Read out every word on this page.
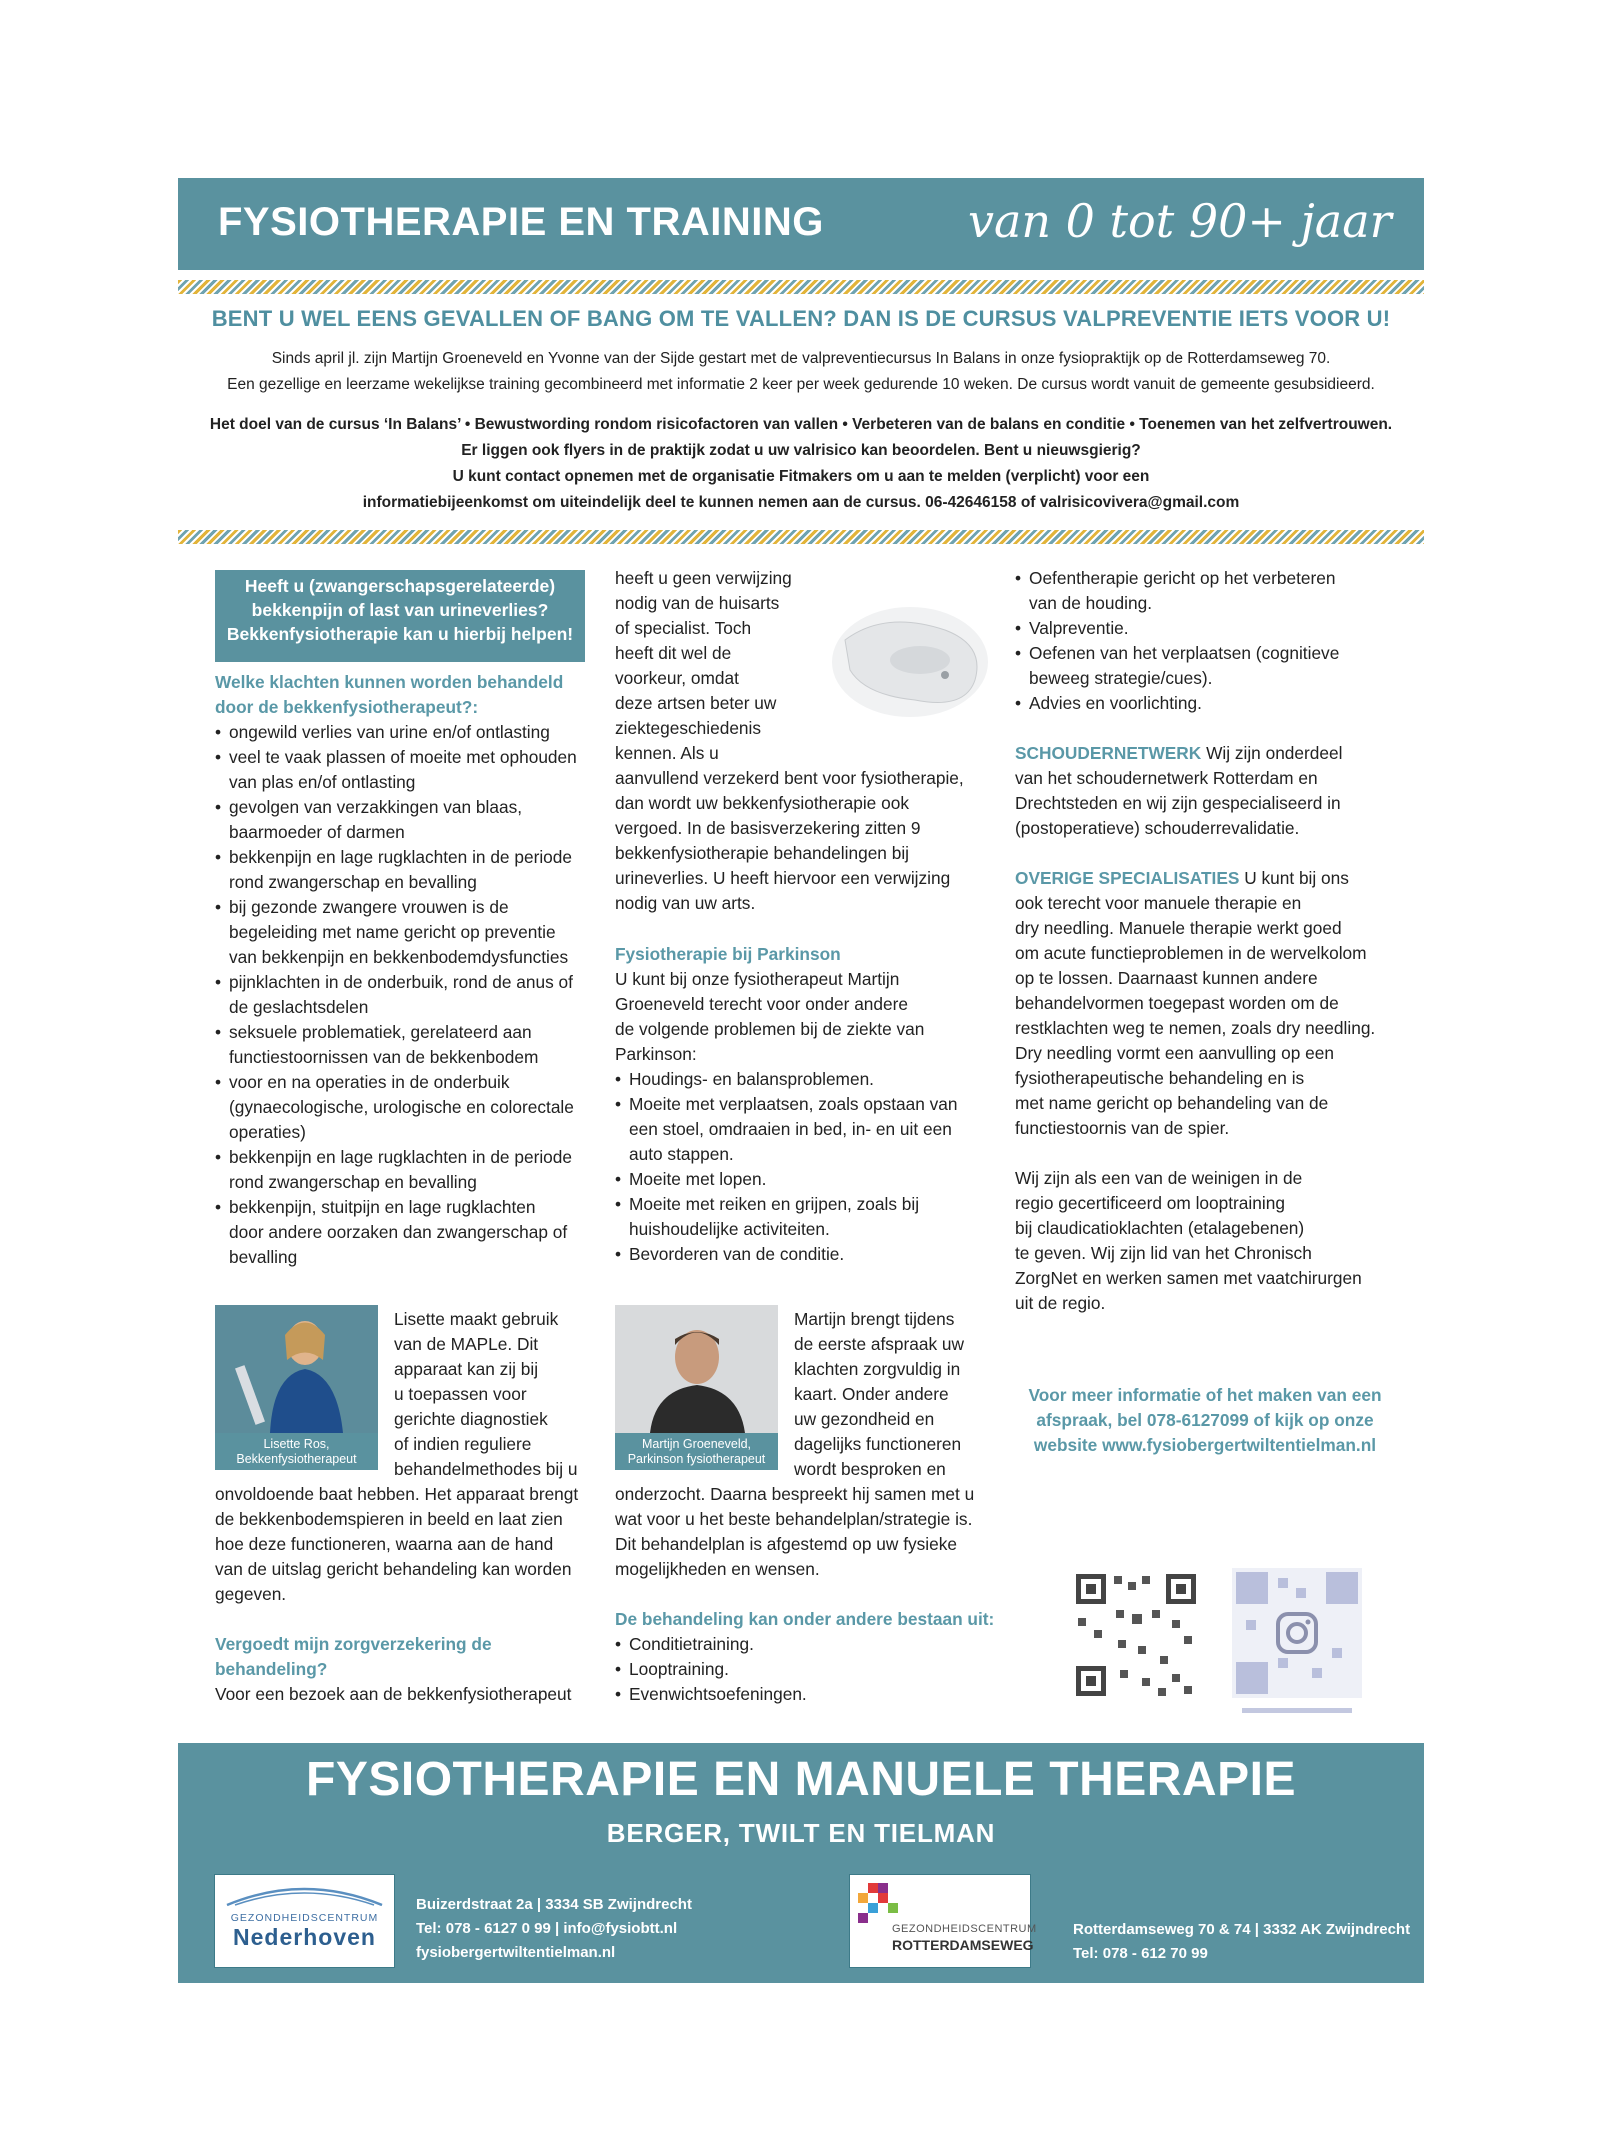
FYSIOTHERAPIE EN TRAINING	van 0 tot 90+ jaar
BENT U WEL EENS GEVALLEN OF BANG OM TE VALLEN? DAN IS DE CURSUS VALPREVENTIE IETS VOOR U!
Sinds april jl. zijn Martijn Groeneveld en Yvonne van der Sijde gestart met de valpreventiecursus In Balans in onze fysiopraktijk op de Rotterdamseweg 70.
Een gezellige en leerzame wekelijkse training gecombineerd met informatie 2 keer per week gedurende 10 weken. De cursus wordt vanuit de gemeente gesubsidieerd.
Het doel van de cursus ‘In Balans’ • Bewustwording rondom risicofactoren van vallen • Verbeteren van de balans en conditie • Toenemen van het zelfvertrouwen.
Er liggen ook flyers in de praktijk zodat u uw valrisico kan beoordelen. Bent u nieuwsgierig?
U kunt contact opnemen met de organisatie Fitmakers om u aan te melden (verplicht) voor een
informatiebijeenkomst om uiteindelijk deel te kunnen nemen aan de cursus. 06-42646158 of valrisicovivera@gmail.com
Heeft u (zwangerschapsgerelateerde)
bekkenpijn of last van urineverlies?
Bekkenfysiotherapie kan u hierbij helpen!

Welke klachten kunnen worden behandeld
door de bekkenfysiotherapeut?:

• ongewild verlies van urine en/of ontlasting
• veel te vaak plassen of moeite met ophouden
van plas en/of ontlasting
• gevolgen van verzakkingen van blaas,
baarmoeder of darmen
• bekkenpijn en lage rugklachten in de periode
rond zwangerschap en bevalling
• bij gezonde zwangere vrouwen is de
begeleiding met name gericht op preventie
van bekkenpijn en bekkenbodemdysfuncties
• pijnklachten in de onderbuik, rond de anus of
de geslachtsdelen
• seksuele problematiek, gerelateerd aan
functiestoornissen van de bekkenbodem
• voor en na operaties in de onderbuik
(gynaecologische, urologische en colorectale
operaties)
• bekkenpijn en lage rugklachten in de periode
rond zwangerschap en bevalling
• bekkenpijn, stuitpijn en lage rugklachten
door andere oorzaken dan zwangerschap of
bevalling
Lisette Ros,
Bekkenfysiotherapeut
Lisette maakt gebruik
van de MAPLe. Dit
apparaat kan zij bij
u toepassen voor
gerichte diagnostiek
of indien reguliere
behandelmethodes bij u
onvoldoende baat hebben. Het apparaat brengt
de bekkenbodemspieren in beeld en laat zien
hoe deze functioneren, waarna aan de hand
van de uitslag gericht behandeling kan worden
gegeven.

Vergoedt mijn zorgverzekering de
behandeling?

Voor een bezoek aan de bekkenfysiotherapeut

heeft u geen verwijzing
nodig van de huisarts
of specialist. Toch
heeft dit wel de
voorkeur, omdat
deze artsen beter uw
ziektegeschiedenis
kennen. Als u
aanvullend verzekerd bent voor fysiotherapie,
dan wordt uw bekkenfysiotherapie ook
vergoed. In de basisverzekering zitten 9
bekkenfysiotherapie behandelingen bij
urineverlies. U heeft hiervoor een verwijzing
nodig van uw arts.

Fysiotherapie bij Parkinson

U kunt bij onze fysiotherapeut Martijn
Groeneveld terecht voor onder andere
de volgende problemen bij de ziekte van
Parkinson:
• Houdings- en balansproblemen.
• Moeite met verplaatsen, zoals opstaan van
een stoel, omdraaien in bed, in- en uit een
auto stappen.
• Moeite met lopen.
• Moeite met reiken en grijpen, zoals bij
huishoudelijke activiteiten.
• Bevorderen van de conditie.
Martijn Groeneveld,
Parkinson fysiotherapeut
Martijn brengt tijdens
de eerste afspraak uw
klachten zorgvuldig in
kaart. Onder andere
uw gezondheid en
dagelijks functioneren
wordt besproken en
onderzocht. Daarna bespreekt hij samen met u
wat voor u het beste behandelplan/strategie is.
Dit behandelplan is afgestemd op uw fysieke
mogelijkheden en wensen.

De behandeling kan onder andere bestaan uit:

• Conditietraining.
• Looptraining.
• Evenwichtsoefeningen.
• Oefentherapie gericht op het verbeteren
van de houding.
• Valpreventie.
• Oefenen van het verplaatsen (cognitieve
beweeg strategie/cues).
• Advies en voorlichting.
SCHOUDERNETWERK Wij zijn onderdeel
van het schoudernetwerk Rotterdam en
Drechtsteden en wij zijn gespecialiseerd in
(postoperatieve) schouderrevalidatie.
OVERIGE SPECIALISATIES U kunt bij ons
ook terecht voor manuele therapie en
dry needling. Manuele therapie werkt goed
om acute functieproblemen in de wervelkolom
op te lossen. Daarnaast kunnen andere
behandelvormen toegepast worden om de
restklachten weg te nemen, zoals dry needling.
Dry needling vormt een aanvulling op een
fysiotherapeutische behandeling en is
met name gericht op behandeling van de
functiestoornis van de spier.
Wij zijn als een van de weinigen in de
regio gecertificeerd om looptraining
bij claudicatioklachten (etalagebenen)
te geven. Wij zijn lid van het Chronisch
ZorgNet en werken samen met vaatchirurgen
uit de regio.
Voor meer informatie of het maken van een
afspraak, bel 078-6127099 of kijk op onze
website www.fysiobergertwiltentielman.nl
FYSIOTHERAPIE EN MANUELE THERAPIE
BERGER, TWILT EN TIELMAN
GEZONDHEIDSCENTRUM
Nederhoven
Buizerdstraat 2a | 3334 SB Zwijndrecht
Tel: 078 - 6127 0 99 | info@fysiobtt.nl
fysiobergertwiltentielman.nl
GEZONDHEIDSCENTRUM
ROTTERDAMSEWEG
Rotterdamseweg 70 & 74 | 3332 AK Zwijndrecht
Tel: 078 - 612 70 99
